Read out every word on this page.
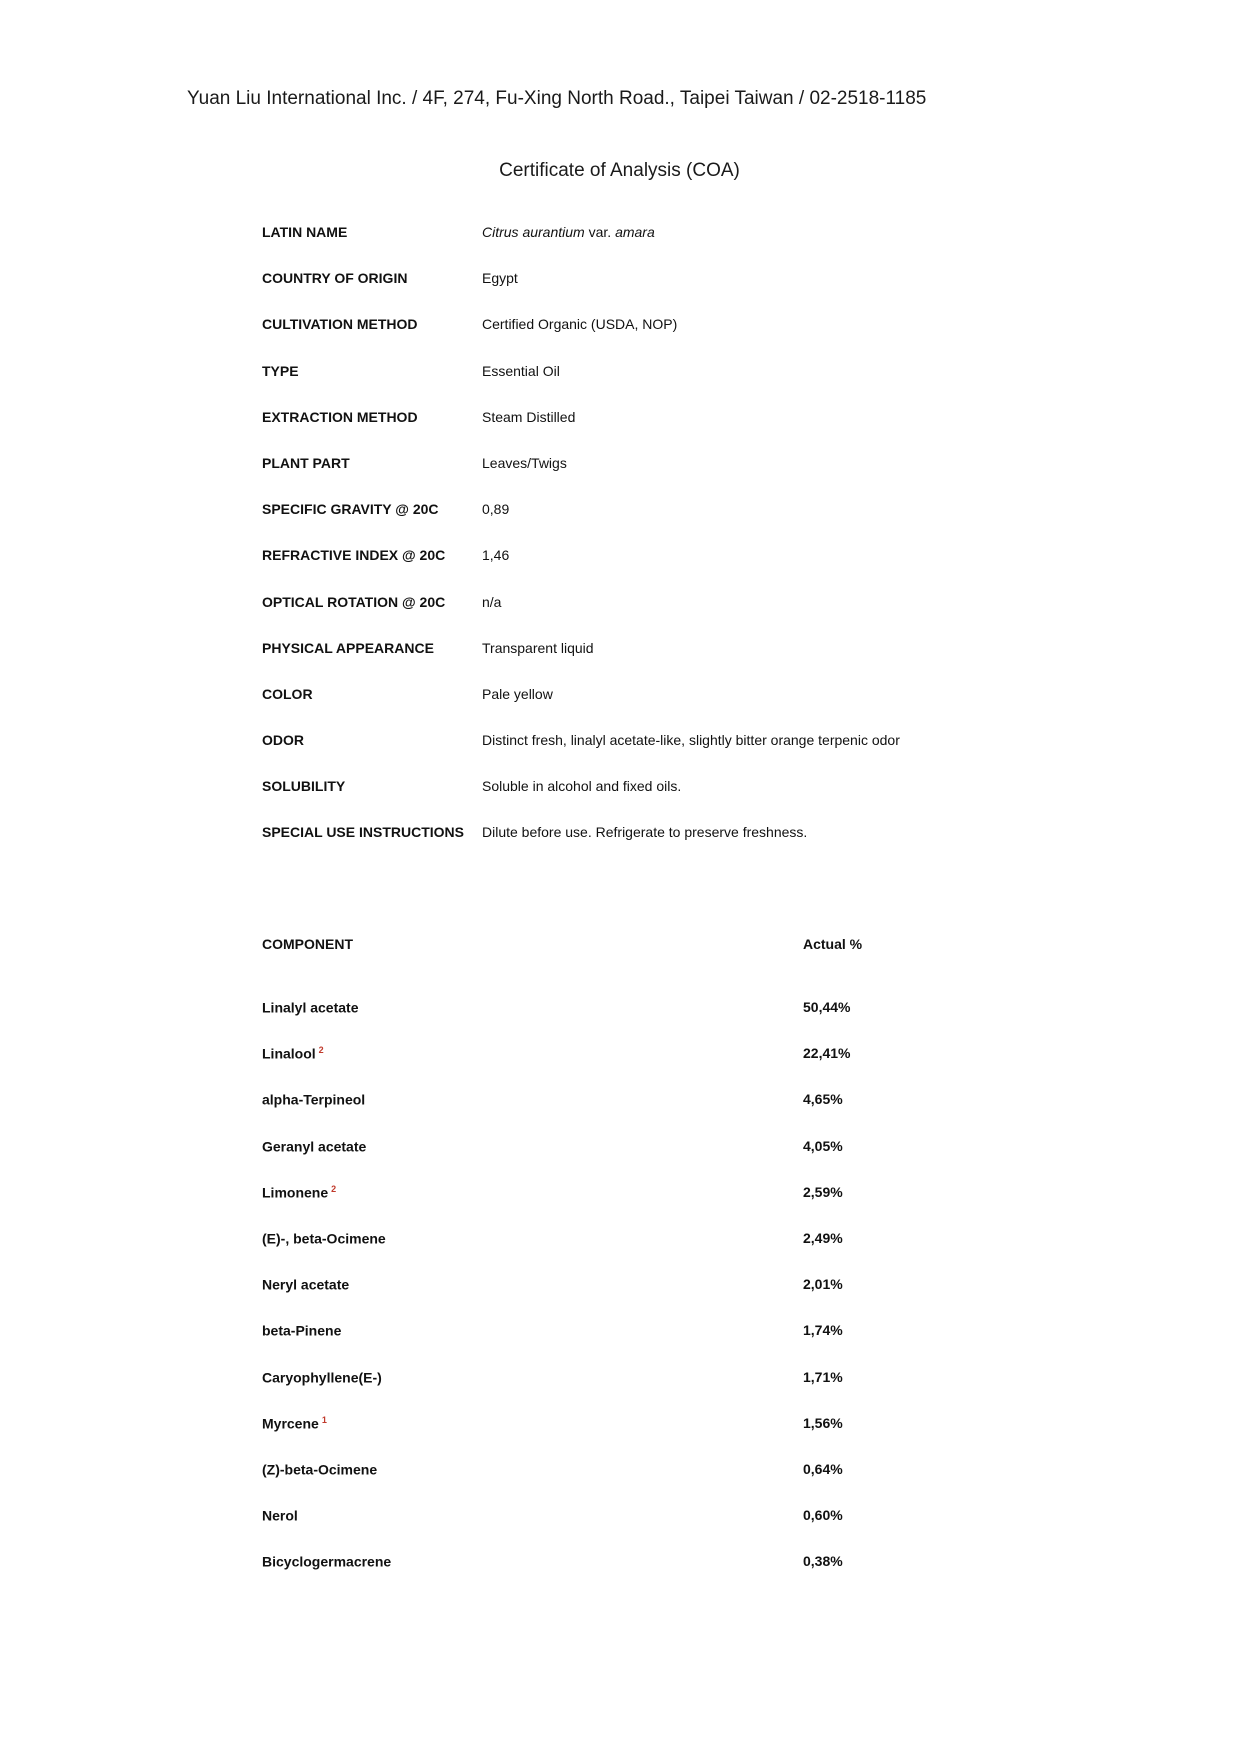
Yuan Liu International Inc. / 4F, 274, Fu-Xing North Road., Taipei Taiwan / 02-2518-1185
Certificate of Analysis (COA)
LATIN NAME	Citrus aurantium var. amara
COUNTRY OF ORIGIN	Egypt
CULTIVATION METHOD	Certified Organic (USDA, NOP)
TYPE	Essential Oil
EXTRACTION METHOD	Steam Distilled
PLANT PART	Leaves/Twigs
SPECIFIC GRAVITY @ 20C	0,89
REFRACTIVE INDEX @ 20C	1,46
OPTICAL ROTATION @ 20C	n/a
PHYSICAL APPEARANCE	Transparent liquid
COLOR	Pale yellow
ODOR	Distinct fresh, linalyl acetate-like, slightly bitter orange terpenic odor
SOLUBILITY	Soluble in alcohol and fixed oils.
SPECIAL USE INSTRUCTIONS Dilute before use. Refrigerate to preserve freshness.
COMPONENT	Actual %
Linalyl acetate	50,44%
Linalool $^2$	22,41%
alpha-Terpineol	4,65%
Geranyl acetate	4,05%
Limonene $^2$	2,59%
(E)-, beta-Ocimene	2,49%
Neryl acetate	2,01%
beta-Pinene	1,74%
Caryophyllene(E-)	1,71%
Myrcene $^1$	1,56%
(Z)-beta-Ocimene	0,64%
Nerol	0,60%
Bicyclogermacrene	0,38%
